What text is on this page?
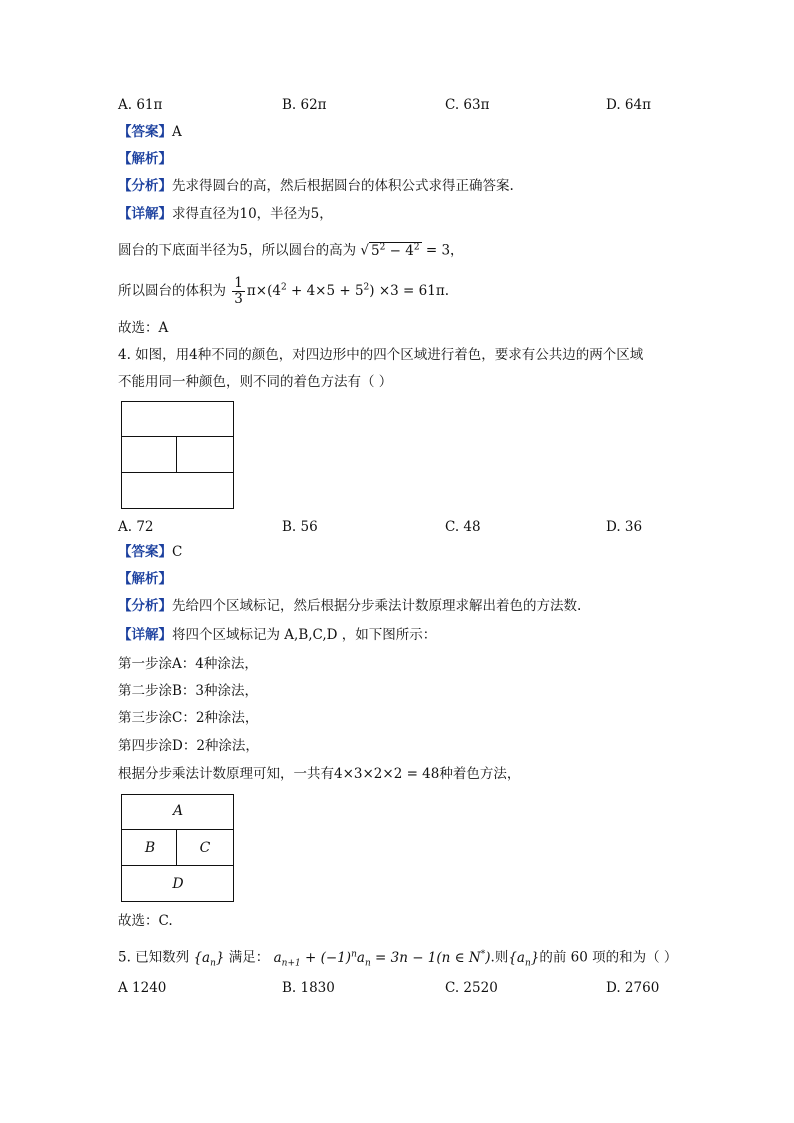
A. 61π	B. 62π	C. 63π	D. 64π
【答案】A
【解析】
【分析】先求得圆台的高，然后根据圆台的体积公式求得正确答案.
【详解】求得直径为10，半径为5，
圆台的下底面半径为5，所以圆台的高为 √ $5^2 - 4^2 = 3$，
所以圆台的体积为 $\frac{1}{3} \pi\times(4^2 + 4\times 5 + 5^2) \times 3 = 61\pi$.
故选：A
4. 如图，用4种不同的颜色，对四边形中的四个区域进行着色，要求有公共边的两个区域
不能用同一种颜色，则不同的着色方法有（ ）
A. 72	B. 56	C. 48	D. 36
【答案】C
【解析】
【分析】先给四个区域标记，然后根据分步乘法计数原理求解出着色的方法数.
【详解】将四个区域标记为 A,B,C,D ，如下图所示：
第一步涂A：4种涂法，
第二步涂B：3种涂法，
第三步涂C：2种涂法，
第四步涂D：2种涂法，
根据分步乘法计数原理可知，一共有4×3×2×2 = 48种着色方法，
A
B	C
D
故选：C.
5. 已知数列 $\{a_n\}$ 满足： $a_{n+1} + (-1)^na_n = 3n - 1(n$ ∈ N*).则$\{a_n\}$的前 60 项的和为（ ）
A 1240	B. 1830	C. 2520	D. 2760
